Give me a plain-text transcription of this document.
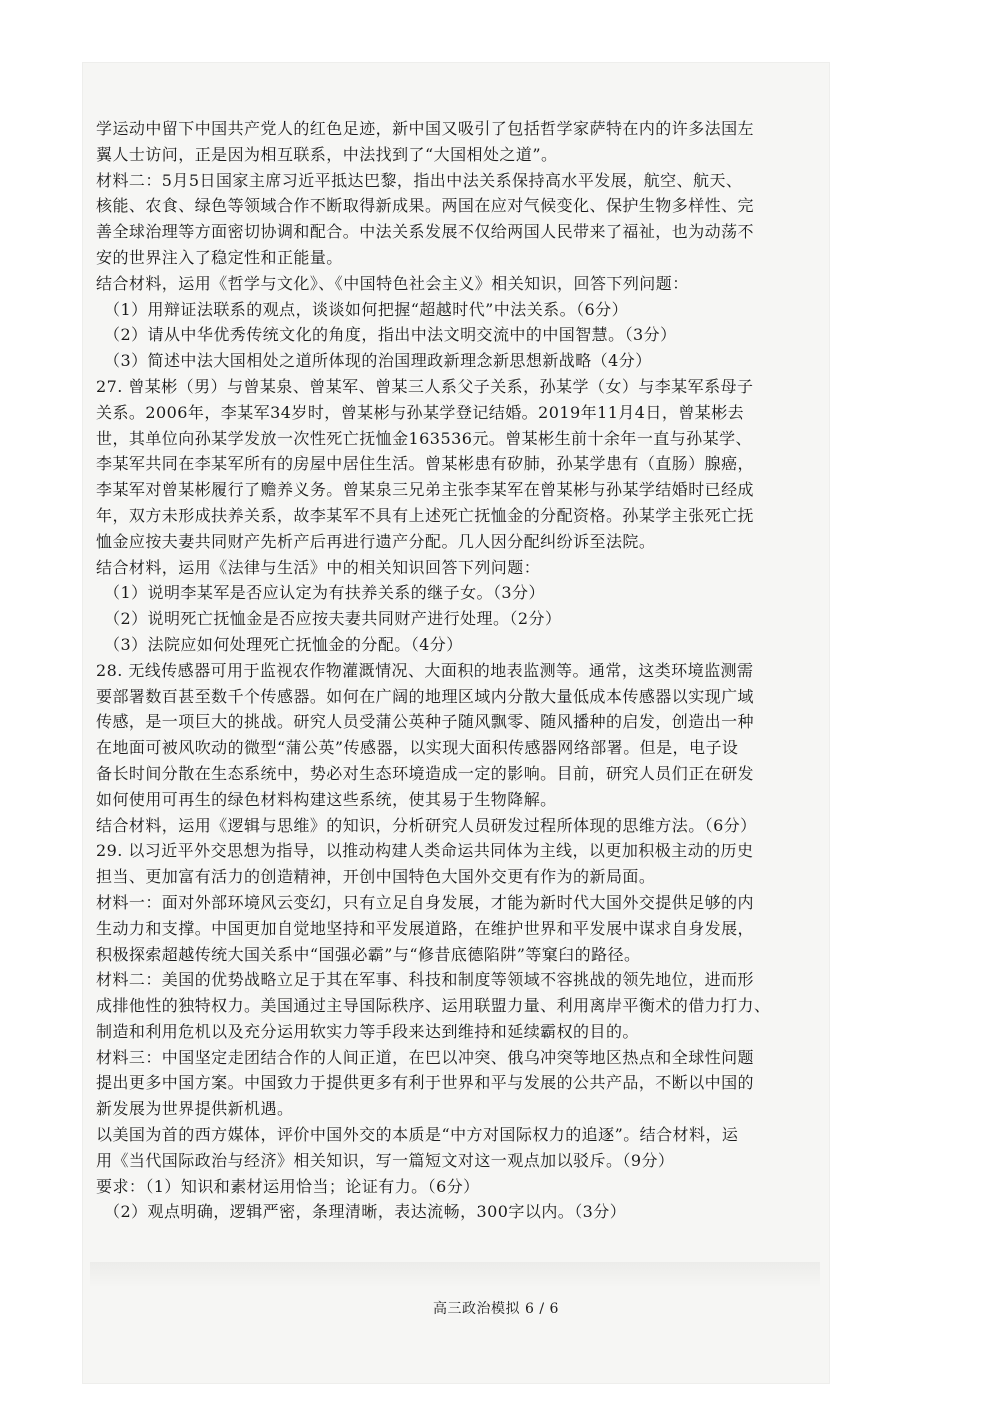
学运动中留下中国共产党人的红色足迹，新中国又吸引了包括哲学家萨特在内的许多法国左
翼人士访问，正是因为相互联系，中法找到了“大国相处之道”。
材料二：5月5日国家主席习近平抵达巴黎，指出中法关系保持高水平发展，航空、航天、
核能、农食、绿色等领域合作不断取得新成果。两国在应对气候变化、保护生物多样性、完
善全球治理等方面密切协调和配合。中法关系发展不仅给两国人民带来了福祉，也为动荡不
安的世界注入了稳定性和正能量。
结合材料，运用《哲学与文化》、《中国特色社会主义》相关知识，回答下列问题：
（1）用辩证法联系的观点，谈谈如何把握“超越时代”中法关系。（6分）
（2）请从中华优秀传统文化的角度，指出中法文明交流中的中国智慧。（3分）
（3）简述中法大国相处之道所体现的治国理政新理念新思想新战略（4分）
27. 曾某彬（男）与曾某泉、曾某军、曾某三人系父子关系，孙某学（女）与李某军系母子
关系。2006年，李某军34岁时，曾某彬与孙某学登记结婚。2019年11月4日，曾某彬去
世，其单位向孙某学发放一次性死亡抚恤金163536元。曾某彬生前十余年一直与孙某学、
李某军共同在李某军所有的房屋中居住生活。曾某彬患有矽肺，孙某学患有（直肠）腺癌，
李某军对曾某彬履行了赡养义务。曾某泉三兄弟主张李某军在曾某彬与孙某学结婚时已经成
年，双方未形成扶养关系，故李某军不具有上述死亡抚恤金的分配资格。孙某学主张死亡抚
恤金应按夫妻共同财产先析产后再进行遗产分配。几人因分配纠纷诉至法院。
结合材料，运用《法律与生活》中的相关知识回答下列问题：
（1）说明李某军是否应认定为有扶养关系的继子女。（3分）
（2）说明死亡抚恤金是否应按夫妻共同财产进行处理。（2分）
（3）法院应如何处理死亡抚恤金的分配。（4分）
28. 无线传感器可用于监视农作物灌溉情况、大面积的地表监测等。通常，这类环境监测需
要部署数百甚至数千个传感器。如何在广阔的地理区域内分散大量低成本传感器以实现广域
传感，是一项巨大的挑战。研究人员受蒲公英种子随风飘零、随风播种的启发，创造出一种
在地面可被风吹动的微型“蒲公英”传感器，以实现大面积传感器网络部署。但是，电子设
备长时间分散在生态系统中，势必对生态环境造成一定的影响。目前，研究人员们正在研发
如何使用可再生的绿色材料构建这些系统，使其易于生物降解。
结合材料，运用《逻辑与思维》的知识，分析研究人员研发过程所体现的思维方法。（6分）
29. 以习近平外交思想为指导，以推动构建人类命运共同体为主线，以更加积极主动的历史
担当、更加富有活力的创造精神，开创中国特色大国外交更有作为的新局面。
材料一：面对外部环境风云变幻，只有立足自身发展，才能为新时代大国外交提供足够的内
生动力和支撑。中国更加自觉地坚持和平发展道路，在维护世界和平发展中谋求自身发展，
积极探索超越传统大国关系中“国强必霸”与“修昔底德陷阱”等窠臼的路径。
材料二：美国的优势战略立足于其在军事、科技和制度等领域不容挑战的领先地位，进而形
成排他性的独特权力。美国通过主导国际秩序、运用联盟力量、利用离岸平衡术的借力打力、
制造和利用危机以及充分运用软实力等手段来达到维持和延续霸权的目的。
材料三：中国坚定走团结合作的人间正道，在巴以冲突、俄乌冲突等地区热点和全球性问题
提出更多中国方案。中国致力于提供更多有利于世界和平与发展的公共产品，不断以中国的
新发展为世界提供新机遇。
以美国为首的西方媒体，评价中国外交的本质是“中方对国际权力的追逐”。结合材料，运
用《当代国际政治与经济》相关知识，写一篇短文对这一观点加以驳斥。（9分）
要求：（1）知识和素材运用恰当；论证有力。（6分）
（2）观点明确，逻辑严密，条理清晰，表达流畅，300字以内。（3分）
高三政治模拟 6 / 6
